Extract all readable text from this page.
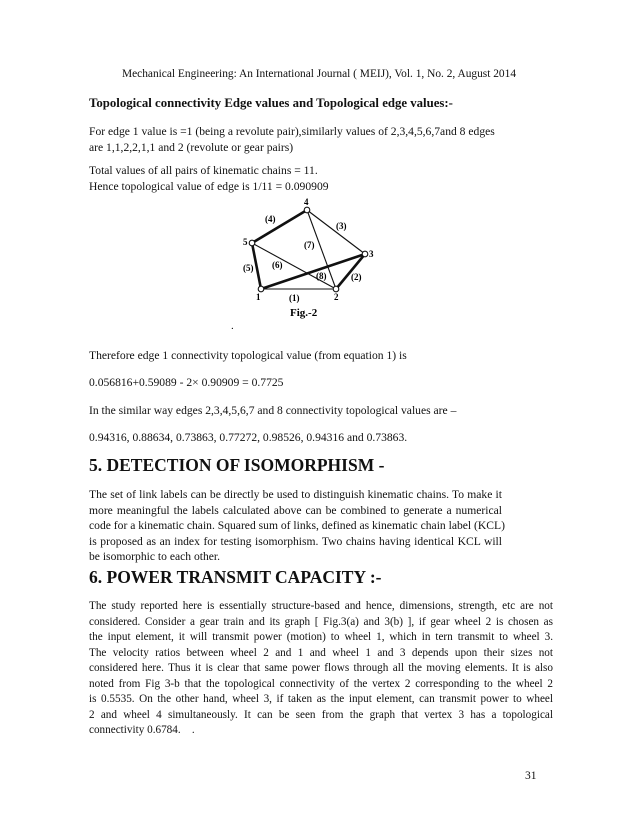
Mechanical Engineering: An International Journal ( MEIJ), Vol. 1, No. 2, August 2014
Topological connectivity Edge values and Topological edge values:-
For edge 1 value is =1 (being a revolute pair),similarly values of 2,3,4,5,6,7and 8 edges
are 1,1,2,2,1,1 and 2 (revolute or gear pairs)
Total values of all pairs of kinematic chains = 11.
Hence topological value of edge is 1/11 = 0.090909
1	2
3
4
5
(1)
(2)
(3)
(4)
(5) (6)
(7)
(8)
Fig.-2
.
Therefore edge 1 connectivity topological value (from equation 1) is
0.056816+0.59089 - 2× 0.90909 = 0.7725
In the similar way edges 2,3,4,5,6,7 and 8 connectivity topological values are –
0.94316, 0.88634, 0.73863, 0.77272, 0.98526, 0.94316 and 0.73863.
5. DETECTION OF ISOMORPHISM -
The set of link labels can be directly be used to distinguish kinematic chains. To make it
more meaningful the labels calculated above can be combined to generate a numerical
code for a kinematic chain. Squared sum of links, defined as kinematic chain label (KCL)
is proposed as an index for testing isomorphism. Two chains having identical KCL will
be isomorphic to each other.
6. POWER TRANSMIT CAPACITY :-
The study reported here is essentially structure-based and hence, dimensions, strength, etc are not
considered. Consider a gear train and its graph [ Fig.3(a) and 3(b) ], if gear wheel 2 is chosen as
the input element, it will transmit power (motion) to wheel 1, which in tern transmit to wheel 3.
The velocity ratios between wheel 2 and 1 and wheel 1 and 3 depends upon their sizes not
considered here. Thus it is clear that same power flows through all the moving elements. It is also
noted from Fig 3-b that the topological connectivity of the vertex 2 corresponding to the wheel 2
is 0.5535. On the other hand, wheel 3, if taken as the input element, can transmit power to wheel
2 and wheel 4 simultaneously. It can be seen from the graph that vertex 3 has a topological
connectivity 0.6784.    .
31
